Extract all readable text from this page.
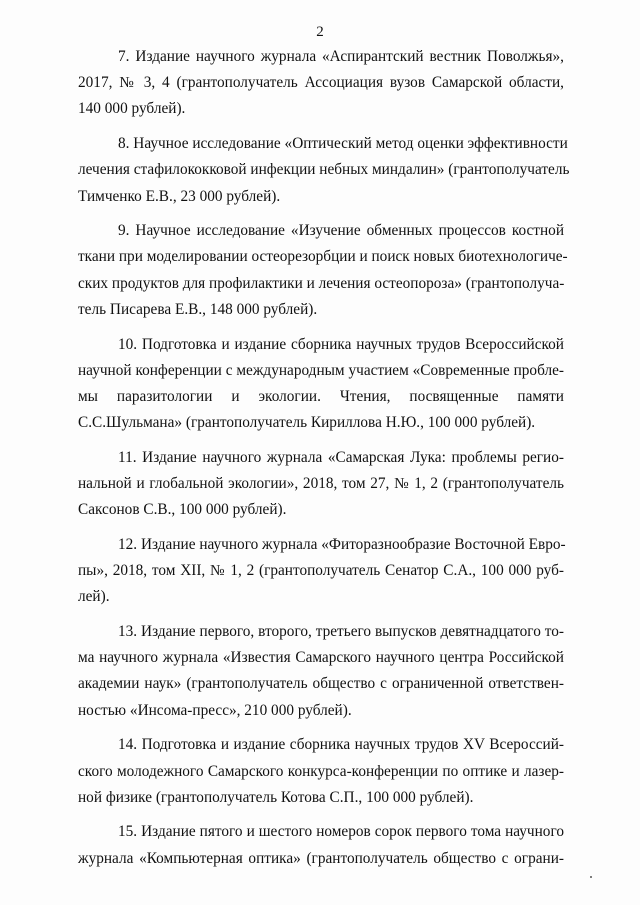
2

7. Издание научного журнала «Аспирантский вестник Поволжья»,
2017, № 3, 4 (грантополучатель Ассоциация вузов Самарской области,
140 000 рублей).

8. Научное исследование «Оптический метод оценки эффективности
лечения стафилококковой инфекции небных миндалин» (грантополучатель
Тимченко Е.В., 23 000 рублей).

9. Научное исследование «Изучение обменных процессов костной
ткани при моделировании остеорезорбции и поиск новых биотехнологиче-
ских продуктов для профилактики и лечения остеопороза» (грантополуча-
тель Писарева Е.В., 148 000 рублей).

10. Подготовка и издание сборника научных трудов Всероссийской
научной конференции с международным участием «Современные пробле-
мы паразитологии и экологии. Чтения, посвященные памяти
С.С.Шульмана» (грантополучатель Кириллова Н.Ю., 100 000 рублей).

11. Издание научного журнала «Самарская Лука: проблемы регио-
нальной и глобальной экологии», 2018, том 27, № 1, 2 (грантополучатель
Саксонов С.В., 100 000 рублей).

12. Издание научного журнала «Фиторазнообразие Восточной Евро-
пы», 2018, том XII, № 1, 2 (грантополучатель Сенатор С.А., 100 000 руб-
лей).

13. Издание первого, второго, третьего выпусков девятнадцатого то-
ма научного журнала «Известия Самарского научного центра Российской
академии наук» (грантополучатель общество с ограниченной ответствен-
ностью «Инсома-пресс», 210 000 рублей).

14. Подготовка и издание сборника научных трудов XV Всероссий-
ского молодежного Самарского конкурса-конференции по оптике и лазер-
ной физике (грантополучатель Котова С.П., 100 000 рублей).

15. Издание пятого и шестого номеров сорок первого тома научного
журнала «Компьютерная оптика» (грантополучатель общество с ограни-
